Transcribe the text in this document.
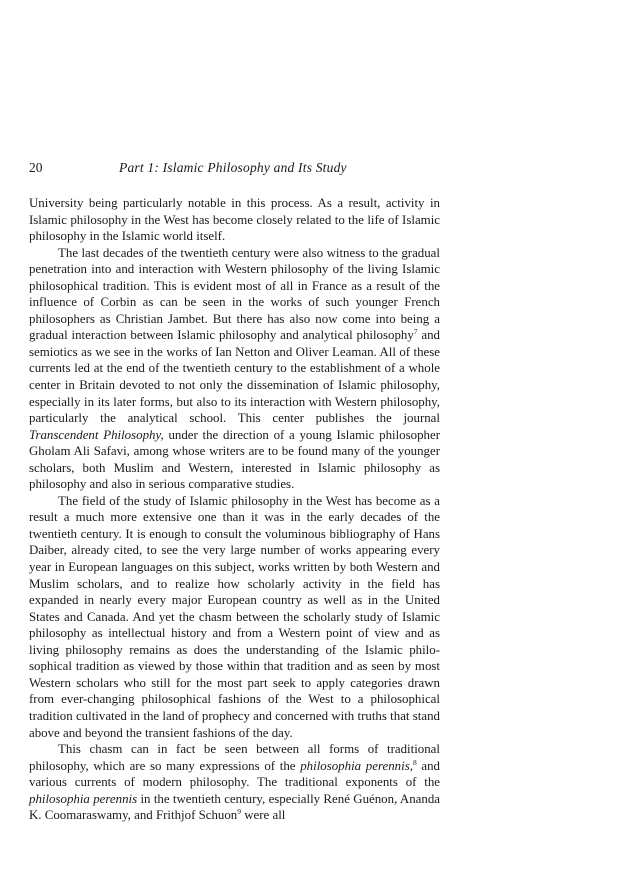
20	Part 1: Islamic Philosophy and Its Study

University being particularly notable in this process. As a result, activity in Islamic philosophy in the West has become closely related to the life of Islamic philosophy in the Islamic world itself.

The last decades of the twentieth century were also witness to the gradual penetration into and interaction with Western philosophy of the living Islamic philosophical tradition. This is evident most of all in France as a result of the influence of Corbin as can be seen in the works of such younger French philosophers as Christian Jambet. But there has also now come into being a gradual interaction between Islamic philosophy and analytical philosophy$^7$ and semiotics as we see in the works of Ian Netton and Oliver Leaman. All of these currents led at the end of the twentieth century to the establishment of a whole center in Britain devoted to not only the dissemination of Islamic philosophy, especially in its later forms, but also to its interaction with Western philosophy, particularly the analytical school. This center publishes the journal Transcendent Philosophy, under the direction of a young Islamic philosopher Gholam Ali Safavi, among whose writers are to be found many of the younger scholars, both Muslim and Western, interested in Islamic philosophy as philosophy and also in serious comparative studies.

The field of the study of Islamic philosophy in the West has become as a result a much more extensive one than it was in the early decades of the twentieth century. It is enough to consult the voluminous bibliography of Hans Daiber, already cited, to see the very large number of works appearing every year in European languages on this subject, works written by both Western and Muslim scholars, and to realize how scholarly activity in the field has expanded in nearly every major European country as well as in the United States and Canada. And yet the chasm between the scholarly study of Islamic philosophy as intellectual history and from a Western point of view and as living philosophy remains as does the understanding of the Islamic philosophical tradition as viewed by those within that tradition and as seen by most Western scholars who still for the most part seek to apply categories drawn from ever-changing philosophical fashions of the West to a philosophical tradition cultivated in the land of prophecy and concerned with truths that stand above and beyond the transient fashions of the day.

This chasm can in fact be seen between all forms of traditional philosophy, which are so many expressions of the philosophia perennis,$^8$ and various currents of modern philosophy. The traditional exponents of the philosophia perennis in the twentieth century, especially René Guénon, Ananda K. Coomaraswamy, and Frithjof Schuon$^9$ were all
